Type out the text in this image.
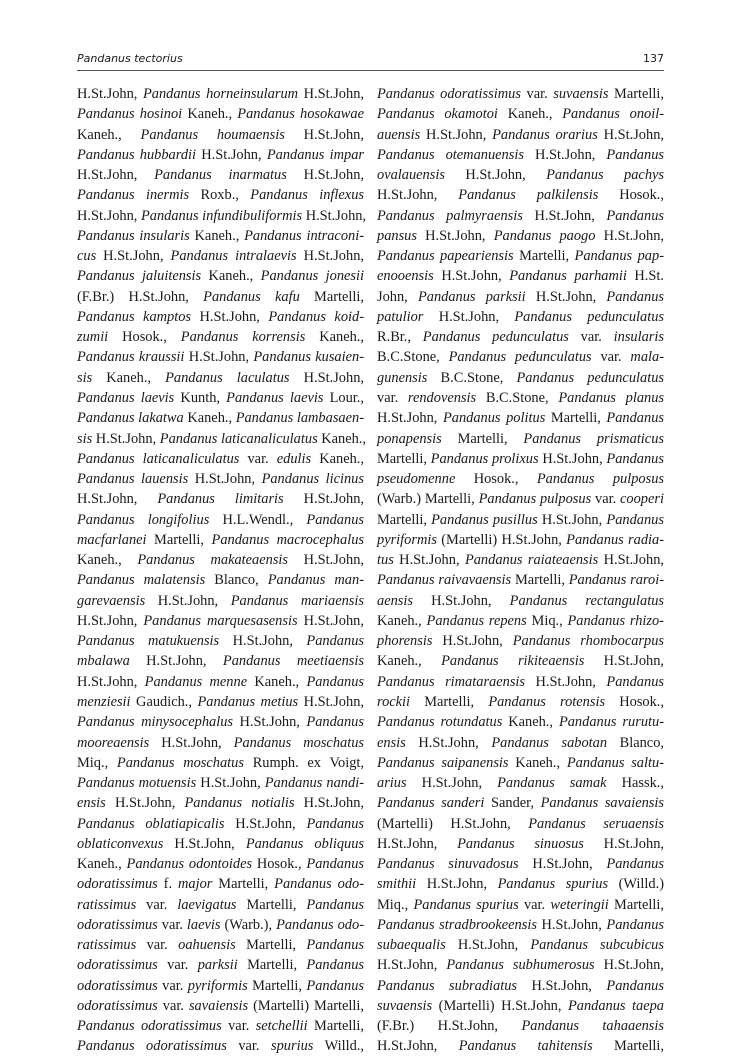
Pandanus tectorius	137
H.St.John, Pandanus horneinsularum H.St.John,
Pandanus hosinoi Kaneh., Pandanus hosokawae
Kaneh., Pandanus houmaensis H.St.John,
Pandanus hubbardii H.St.John, Pandanus impar
H.St.John, Pandanus inarmatus H.St.John,
Pandanus inermis Roxb., Pandanus inflexus
H.St.John, Pandanus infundibuliformis H.St.John,
Pandanus insularis Kaneh., Pandanus intraconi-
cus H.St.John, Pandanus intralaevis H.St.John,
Pandanus jaluitensis Kaneh., Pandanus jonesii
(F.Br.) H.St.John, Pandanus kafu Martelli,
Pandanus kamptos H.St.John, Pandanus koid-
zumii Hosok., Pandanus korrensis Kaneh.,
Pandanus kraussii H.St.John, Pandanus kusaien-
sis Kaneh., Pandanus laculatus H.St.John,
Pandanus laevis Kunth, Pandanus laevis Lour.,
Pandanus lakatwa Kaneh., Pandanus lambasaen-
sis H.St.John, Pandanus laticanaliculatus Kaneh.,
Pandanus laticanaliculatus var. edulis Kaneh.,
Pandanus lauensis H.St.John, Pandanus licinus
H.St.John, Pandanus limitaris H.St.John,
Pandanus longifolius H.L.Wendl., Pandanus
macfarlanei Martelli, Pandanus macrocephalus
Kaneh., Pandanus makateaensis H.St.John,
Pandanus malatensis Blanco, Pandanus man-
garevaensis H.St.John, Pandanus mariaensis
H.St.John, Pandanus marquesasensis H.St.John,
Pandanus matukuensis H.St.John, Pandanus
mbalawa H.St.John, Pandanus meetiaensis
H.St.John, Pandanus menne Kaneh., Pandanus
menziesii Gaudich., Pandanus metius H.St.John,
Pandanus minysocephalus H.St.John, Pandanus
mooreaensis H.St.John, Pandanus moschatus
Miq., Pandanus moschatus Rumph. ex Voigt,
Pandanus motuensis H.St.John, Pandanus nandi-
ensis H.St.John, Pandanus notialis H.St.John,
Pandanus oblatiapicalis H.St.John, Pandanus
oblaticonvexus H.St.John, Pandanus obliquus
Kaneh., Pandanus odontoides Hosok., Pandanus
odoratissimus f. major Martelli, Pandanus odo-
ratissimus var. laevigatus Martelli, Pandanus
odoratissimus var. laevis (Warb.), Pandanus odo-
ratissimus var. oahuensis Martelli, Pandanus
odoratissimus var. parksii Martelli, Pandanus
odoratissimus var. pyriformis Martelli, Pandanus
odoratissimus var. savaiensis (Martelli) Martelli,
Pandanus odoratissimus var. setchellii Martelli,
Pandanus odoratissimus var. spurius Willd.,
Pandanus odoratissimus var. suvaensis Martelli,
Pandanus okamotoi Kaneh., Pandanus onoil-
auensis H.St.John, Pandanus orarius H.St.John,
Pandanus otemanuensis H.St.John, Pandanus
ovalauensis H.St.John, Pandanus pachys
H.St.John, Pandanus palkilensis Hosok.,
Pandanus palmyraensis H.St.John, Pandanus
pansus H.St.John, Pandanus paogo H.St.John,
Pandanus papeariensis Martelli, Pandanus pap-
enooensis H.St.John, Pandanus parhamii H.St.
John, Pandanus parksii H.St.John, Pandanus
patulior H.St.John, Pandanus pedunculatus
R.Br., Pandanus pedunculatus var. insularis
B.C.Stone, Pandanus pedunculatus var. mala-
gunensis B.C.Stone, Pandanus pedunculatus
var. rendovensis B.C.Stone, Pandanus planus
H.St.John, Pandanus politus Martelli, Pandanus
ponapensis Martelli, Pandanus prismaticus
Martelli, Pandanus prolixus H.St.John, Pandanus
pseudomenne Hosok., Pandanus pulposus
(Warb.) Martelli, Pandanus pulposus var. cooperi
Martelli, Pandanus pusillus H.St.John, Pandanus
pyriformis (Martelli) H.St.John, Pandanus radia-
tus H.St.John, Pandanus raiateaensis H.St.John,
Pandanus raivavaensis Martelli, Pandanus raroi-
aensis H.St.John, Pandanus rectangulatus
Kaneh., Pandanus repens Miq., Pandanus rhizo-
phorensis H.St.John, Pandanus rhombocarpus
Kaneh., Pandanus rikiteaensis H.St.John,
Pandanus rimataraensis H.St.John, Pandanus
rockii Martelli, Pandanus rotensis Hosok.,
Pandanus rotundatus Kaneh., Pandanus rurutu-
ensis H.St.John, Pandanus sabotan Blanco,
Pandanus saipanensis Kaneh., Pandanus saltu-
arius H.St.John, Pandanus samak Hassk.,
Pandanus sanderi Sander, Pandanus savaiensis
(Martelli) H.St.John, Pandanus seruaensis
H.St.John, Pandanus sinuosus H.St.John,
Pandanus sinuvadosus H.St.John, Pandanus
smithii H.St.John, Pandanus spurius (Willd.)
Miq., Pandanus spurius var. weteringii Martelli,
Pandanus stradbrookeensis H.St.John, Pandanus
subaequalis H.St.John, Pandanus subcubicus
H.St.John, Pandanus subhumerosus H.St.John,
Pandanus subradiatus H.St.John, Pandanus
suvaensis (Martelli) H.St.John, Pandanus taepa
(F.Br.) H.St.John, Pandanus tahaaensis
H.St.John, Pandanus tahitensis Martelli,
